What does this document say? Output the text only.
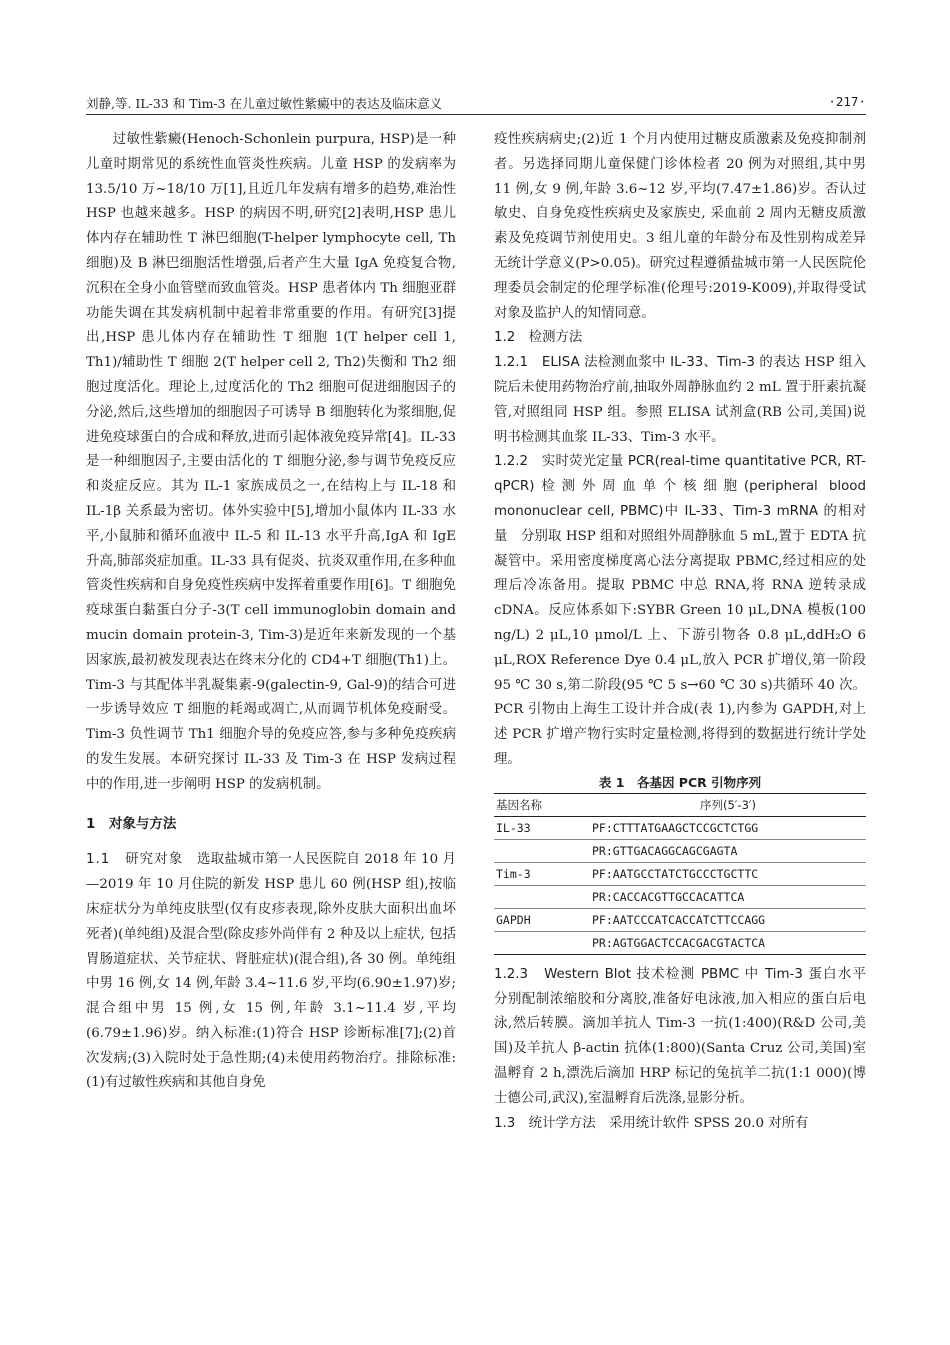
刘静,等. IL-33 和 Tim-3 在儿童过敏性紫癜中的表达及临床意义	·217·

过敏性紫癜(Henoch-Schonlein purpura, HSP)是一种儿童时期常见的系统性血管炎性疾病。儿童 HSP 的发病率为 13.5/10 万~18/10 万[1],且近几年发病有增多的趋势,难治性 HSP 也越来越多。HSP 的病因不明,研究[2]表明,HSP 患儿体内存在辅助性 T 淋巴细胞(T-helper lymphocyte cell, Th 细胞)及 B 淋巴细胞活性增强,后者产生大量 IgA 免疫复合物,沉积在全身小血管壁而致血管炎。HSP 患者体内 Th 细胞亚群功能失调在其发病机制中起着非常重要的作用。有研究[3]提出,HSP 患儿体内存在辅助性 T 细胞 1(T helper cell 1, Th1)/辅助性 T 细胞 2(T helper cell 2, Th2)失衡和 Th2 细胞过度活化。理论上,过度活化的 Th2 细胞可促进细胞因子的分泌,然后,这些增加的细胞因子可诱导 B 细胞转化为浆细胞,促进免疫球蛋白的合成和释放,进而引起体液免疫异常[4]。IL-33 是一种细胞因子,主要由活化的 T 细胞分泌,参与调节免疫反应和炎症反应。其为 IL-1 家族成员之一,在结构上与 IL-18 和 IL-1β 关系最为密切。体外实验中[5],增加小鼠体内 IL-33 水平,小鼠肺和循环血液中 IL-5 和 IL-13 水平升高,IgA 和 IgE 升高,肺部炎症加重。IL-33 具有促炎、抗炎双重作用,在多种血管炎性疾病和自身免疫性疾病中发挥着重要作用[6]。T 细胞免疫球蛋白黏蛋白分子-3(T cell immunoglobin domain and mucin domain protein-3, Tim-3)是近年来新发现的一个基因家族,最初被发现表达在终末分化的 CD4+T 细胞(Th1)上。Tim-3 与其配体半乳凝集素-9(galectin-9, Gal-9)的结合可进一步诱导效应 T 细胞的耗竭或凋亡,从而调节机体免疫耐受。Tim-3 负性调节 Th1 细胞介导的免疫应答,参与多种免疫疾病的发生发展。本研究探讨 IL-33 及 Tim-3 在 HSP 发病过程中的作用,进一步阐明 HSP 的发病机制。

1　对象与方法

1.1　研究对象　 选取盐城市第一人民医院自 2018 年 10 月—2019 年 10 月住院的新发 HSP 患儿 60 例(HSP 组),按临床症状分为单纯皮肤型(仅有皮疹表现,除外皮肤大面积出血坏死者)(单纯组)及混合型(除皮疹外尚伴有 2 种及以上症状, 包括胃肠道症状、关节症状、肾脏症状)(混合组),各 30 例。单纯组中男 16 例,女 14 例,年龄 3.4~11.6 岁,平均(6.90±1.97)岁;混合组中男 15 例,女 15 例,年龄 3.1~11.4 岁,平均(6.79±1.96)岁。纳入标准:(1)符合 HSP 诊断标准[7];(2)首次发病;(3)入院时处于急性期;(4)未使用药物治疗。排除标准:(1)有过敏性疾病和其他自身免

疫性疾病病史;(2)近 1 个月内使用过糖皮质激素及免疫抑制剂者。另选择同期儿童保健门诊体检者 20 例为对照组,其中男 11 例,女 9 例,年龄 3.6~12 岁,平均(7.47±1.86)岁。否认过敏史、自身免疫性疾病史及家族史, 采血前 2 周内无糖皮质激素及免疫调节剂使用史。3 组儿童的年龄分布及性别构成差异无统计学意义(P>0.05)。研究过程遵循盐城市第一人民医院伦理委员会制定的伦理学标准(伦理号:2019-K009),并取得受试对象及监护人的知情同意。

1.2　检测方法

1.2.1　ELISA 法检测血浆中 IL-33、Tim-3 的表达 HSP 组入院后未使用药物治疗前,抽取外周静脉血约 2 mL 置于肝素抗凝管,对照组同 HSP 组。参照 ELISA 试剂盒(RB 公司,美国)说明书检测其血浆 IL-33、Tim-3 水平。

1.2.2　实时荧光定量 PCR(real-time quantitative PCR, RT-qPCR)检测外周血单个核细胞(peripheral blood mononuclear cell, PBMC)中 IL-33、Tim-3 mRNA 的相对量　 分别取 HSP 组和对照组外周静脉血 5 mL,置于 EDTA 抗凝管中。采用密度梯度离心法分离提取 PBMC,经过相应的处理后冷冻备用。提取 PBMC 中总 RNA,将 RNA 逆转录成 cDNA。反应体系如下:SYBR Green 10 μL,DNA 模板(100 ng/L) 2 μL,10 μmol/L 上、下游引物各 0.8 μL,ddH₂O 6 μL,ROX Reference Dye 0.4 μL,放入 PCR 扩增仪,第一阶段 95 ℃ 30 s,第二阶段(95 ℃ 5 s→60 ℃ 30 s)共循环 40 次。PCR 引物由上海生工设计并合成(表 1),内参为 GAPDH,对上述 PCR 扩增产物行实时定量检测,将得到的数据进行统计学处理。

表 1　各基因 PCR 引物序列

基因名称	序列(5′-3′)
IL-33	PF:CTTTATGAAGCTCCGCTCTGG
	PR:GTTGACAGGCAGCGAGTA
Tim-3	PF:AATGCCTATCTGCCCTGCTTC
	PR:CACCACGTTGCCACATTCA
GAPDH	PF:AATCCCATCACCATCTTCCAGG
	PR:AGTGGACTCCACGACGTACTCA

1.2.3　Western Blot 技术检测 PBMC 中 Tim-3 蛋白水平　分别配制浓缩胶和分离胶,准备好电泳液,加入相应的蛋白后电泳,然后转膜。滴加羊抗人 Tim-3 一抗(1:400)(R&D 公司,美国)及羊抗人 β-actin 抗体(1:800)(Santa Cruz 公司,美国)室温孵育 2 h,漂洗后滴加 HRP 标记的兔抗羊二抗(1:1 000)(博士德公司,武汉),室温孵育后洗涤,显影分析。

1.3　统计学方法　 采用统计软件 SPSS 20.0 对所有
